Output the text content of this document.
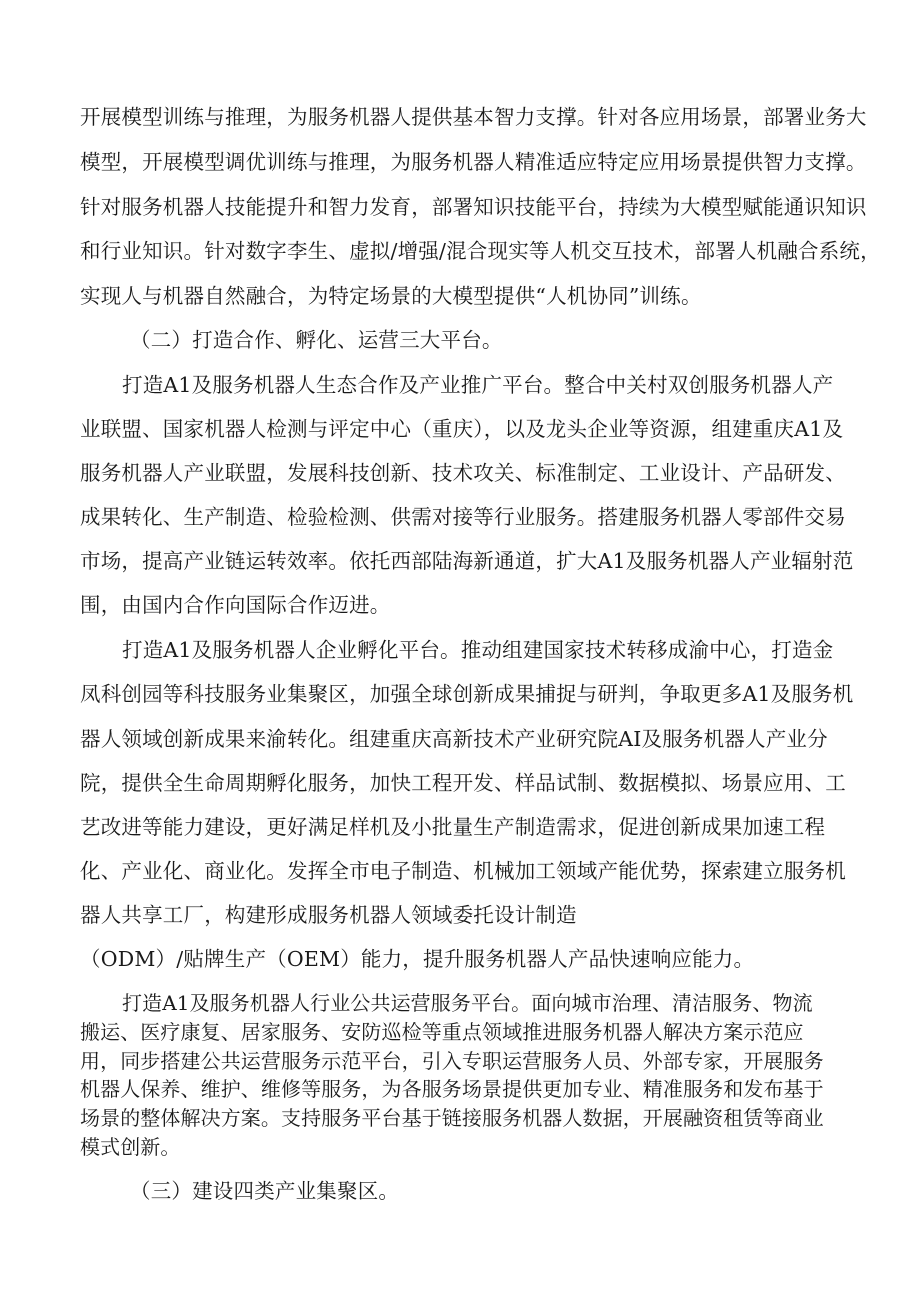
开展模型训练与推理，为服务机器人提供基本智力支撑。针对各应用场景，部署业务大
模型，开展模型调优训练与推理，为服务机器人精准适应特定应用场景提供智力支撑。
针对服务机器人技能提升和智力发育，部署知识技能平台，持续为大模型赋能通识知识
和行业知识。针对数字李生、虚拟/增强/混合现实等人机交互技术，部署人机融合系统，
实现人与机器自然融合，为特定场景的大模型提供“人机协同”训练。
（二）打造合作、孵化、运营三大平台。
打造A1及服务机器人生态合作及产业推广平台。整合中关村双创服务机器人产
业联盟、国家机器人检测与评定中心（重庆），以及龙头企业等资源，组建重庆A1及
服务机器人产业联盟，发展科技创新、技术攻关、标准制定、工业设计、产品研发、
成果转化、生产制造、检验检测、供需对接等行业服务。搭建服务机器人零部件交易
市场，提高产业链运转效率。依托西部陆海新通道，扩大A1及服务机器人产业辐射范
围，由国内合作向国际合作迈进。
打造A1及服务机器人企业孵化平台。推动组建国家技术转移成渝中心，打造金
凤科创园等科技服务业集聚区，加强全球创新成果捕捉与研判，争取更多A1及服务机
器人领域创新成果来渝转化。组建重庆高新技术产业研究院AI及服务机器人产业分
院，提供全生命周期孵化服务，加快工程开发、样品试制、数据模拟、场景应用、工
艺改进等能力建设，更好满足样机及小批量生产制造需求，促进创新成果加速工程
化、产业化、商业化。发挥全市电子制造、机械加工领域产能优势，探索建立服务机
器人共享工厂，构建形成服务机器人领域委托设计制造
（ODM）/贴牌生产（OEM）能力，提升服务机器人产品快速响应能力。
打造A1及服务机器人行业公共运营服务平台。面向城市治理、清洁服务、物流
搬运、医疗康复、居家服务、安防巡检等重点领域推进服务机器人解决方案示范应
用，同步搭建公共运营服务示范平台，引入专职运营服务人员、外部专家，开展服务
机器人保养、维护、维修等服务，为各服务场景提供更加专业、精准服务和发布基于
场景的整体解决方案。支持服务平台基于链接服务机器人数据，开展融资租赁等商业
模式创新。
（三）建设四类产业集聚区。
